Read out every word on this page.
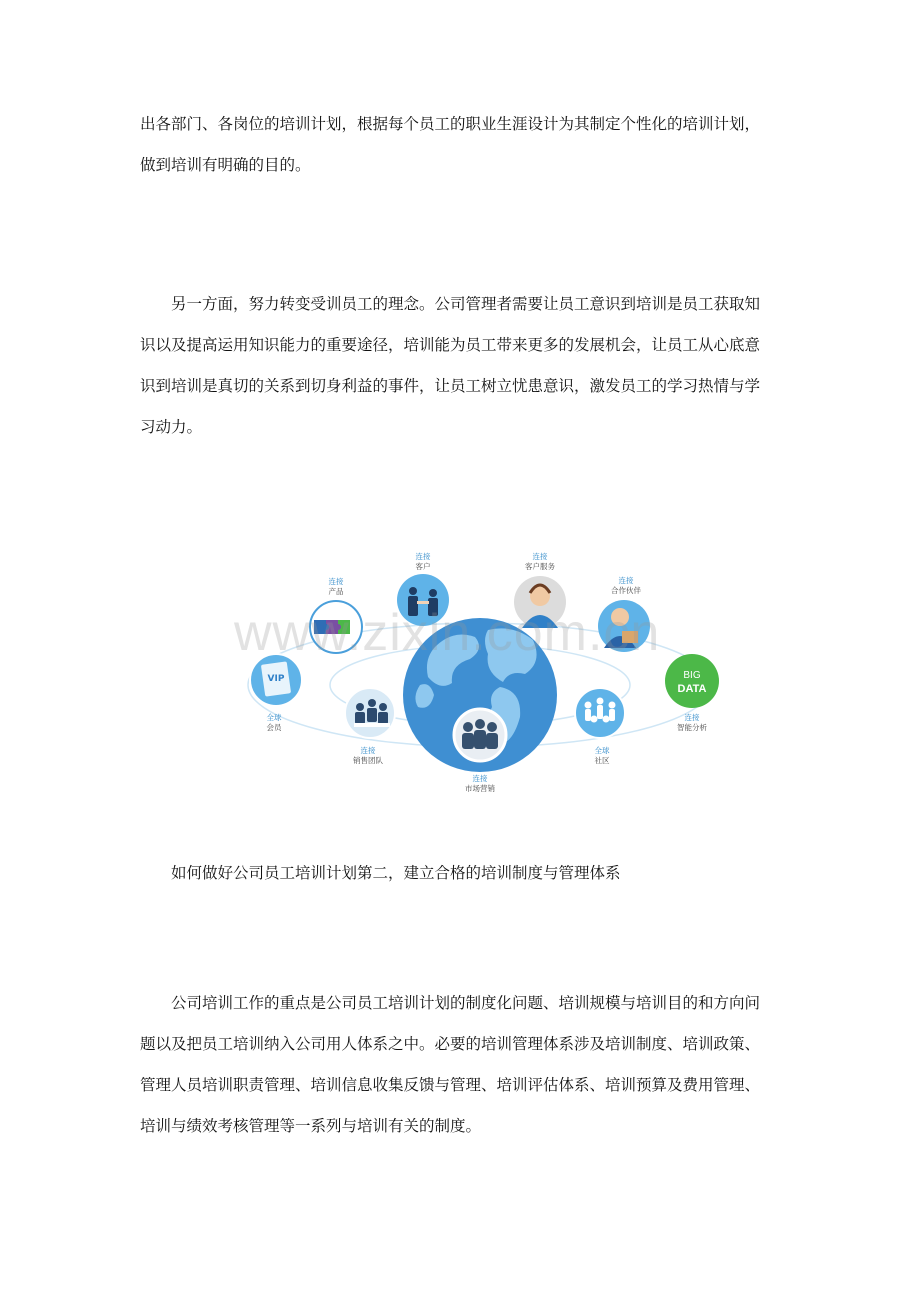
出各部门、各岗位的培训计划，根据每个员工的职业生涯设计为其制定个性化的培训计划，
做到培训有明确的目的。
另一方面，努力转变受训员工的理念。公司管理者需要让员工意识到培训是员工获取知
识以及提高运用知识能力的重要途径，培训能为员工带来更多的发展机会，让员工从心底意
识到培训是真切的关系到切身利益的事件，让员工树立忧患意识，激发员工的学习热情与学
习动力。
连接
市场营销
连接
客户
连接
客户服务
连接
产品
连接
合作伙伴
VIP
全球
会员
BIG
DATA
连接
智能分析
连接
销售团队
全球
社区
www.zixin.com.cn
如何做好公司员工培训计划第二，建立合格的培训制度与管理体系
公司培训工作的重点是公司员工培训计划的制度化问题、培训规模与培训目的和方向问
题以及把员工培训纳入公司用人体系之中。必要的培训管理体系涉及培训制度、培训政策、
管理人员培训职责管理、培训信息收集反馈与管理、培训评估体系、培训预算及费用管理、
培训与绩效考核管理等一系列与培训有关的制度。
